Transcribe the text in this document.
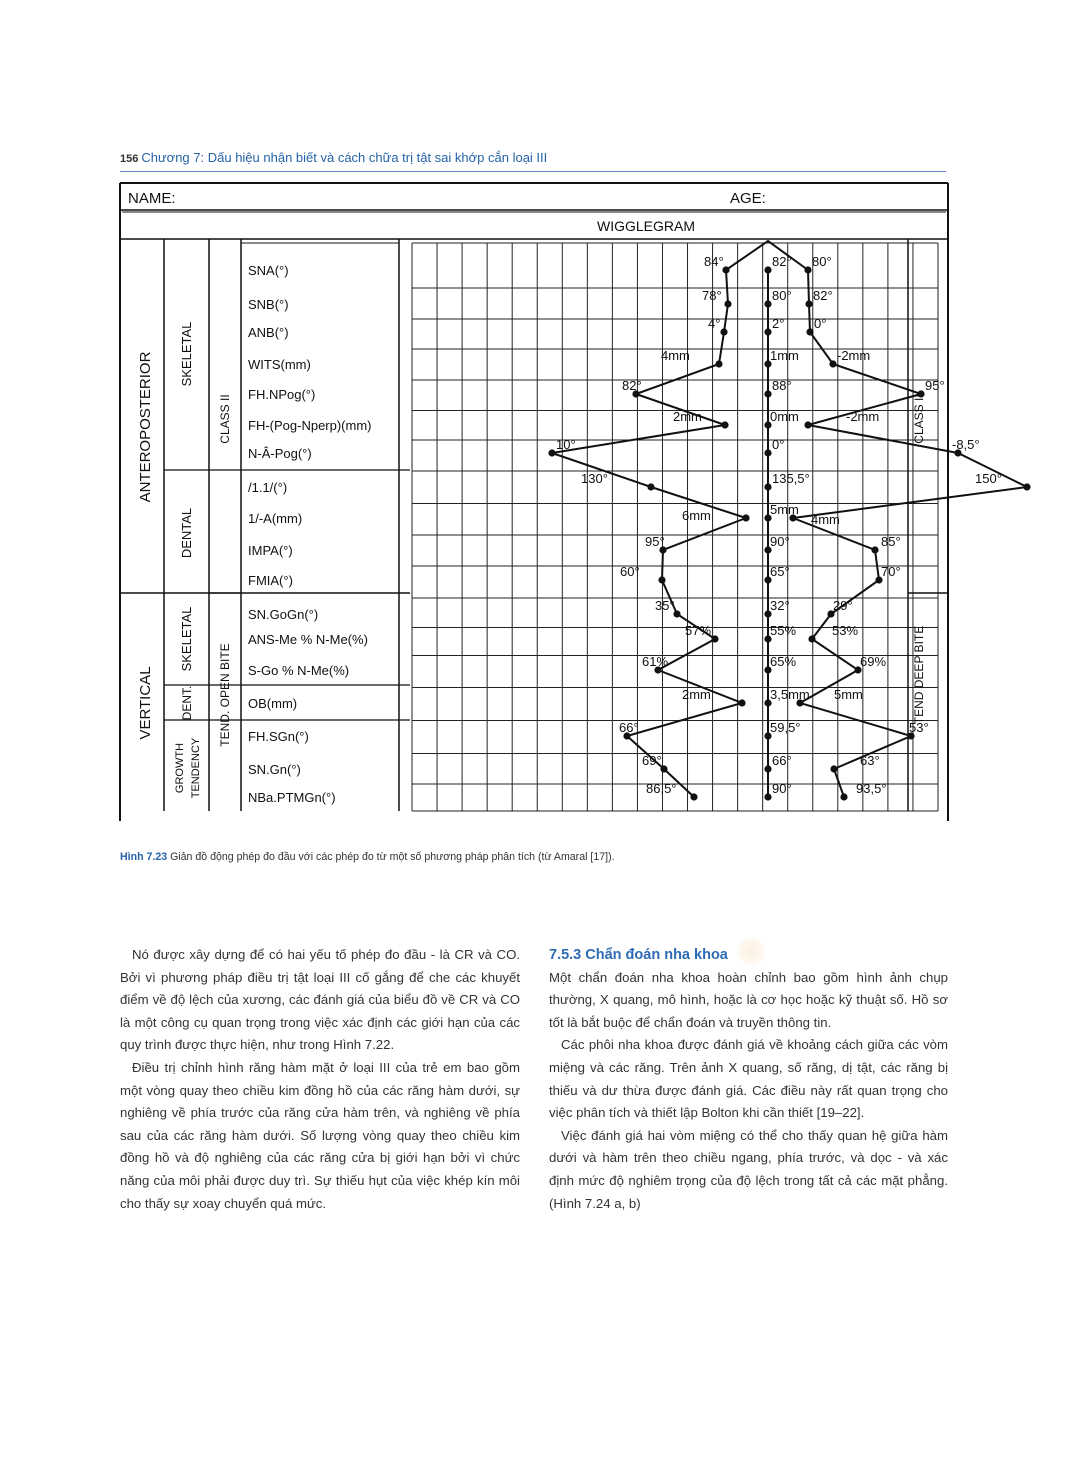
156 Chương 7: Dấu hiệu nhận biết và cách chữa trị tật sai khớp cắn loại III
NAME:	AGE:
WIGGLEGRAM
ANTEROPOSTERIOR
VERTICAL
SKELETAL
DENTAL
SKELETAL
DENT.
GROWTH TENDENCY
CLASS II
TEND. OPEN BITE
CLASS II
TEND DEEP BITE
SNA(°)
SNB(°)
ANB(°)
WITS(mm)
FH.NPog(°)
FH-(Pog-Nperp)(mm)
N-Â-Pog(°)
/1.1/(°)
1/-A(mm)
IMPA(°)
FMIA(°)
SN.GoGn(°)
ANS-Me % N-Me(%)
S-Go % N-Me(%)
OB(mm)
FH.SGn(°)
SN.Gn(°)
NBa.PTMGn(°)
84°
78°
4°
4mm
82°
2mm
10°
130°
6mm
95°
60°
35°
57%
61%
2mm
66°
69°
86,5°
82°
80°
2°
1mm
88°
0mm
0°
135,5°
5mm
90°
65°
32°
55%
65%
3,5mm
59,5°
66°
90°
80°
82°
0°
-2mm
95°
-2mm
-8,5°
150°
4mm
85°
70°
29°
53%
69%
5mm
53°
63°
93,5°
Hình 7.23 Giản đồ động phép đo đầu với các phép đo từ một số phương pháp phân tích (từ Amaral [17]).

Nó được xây dựng để có hai yếu tố phép đo đầu - là CR và CO. Bởi vì phương pháp điều trị tật loại III cố gắng để che các khuyết điểm về độ lệch của xương, các đánh giá của biểu đồ về CR và CO là một công cụ quan trọng trong việc xác định các giới hạn của các quy trình được thực hiện, như trong Hình 7.22.

Điều trị chỉnh hình răng hàm mặt ở loại III của trẻ em bao gồm một vòng quay theo chiều kim đồng hồ của các răng hàm dưới, sự nghiêng về phía trước của răng cửa hàm trên, và nghiêng về phía sau của các răng hàm dưới. Số lượng vòng quay theo chiều kim đồng hồ và độ nghiêng của các răng cửa bị giới hạn bởi vì chức năng của môi phải được duy trì. Sự thiếu hụt của việc khép kín môi cho thấy sự xoay chuyển quá mức.

7.5.3 Chẩn đoán nha khoa

Một chẩn đoán nha khoa hoàn chỉnh bao gồm hình ảnh chụp thường, X quang, mô hình, hoặc là cơ học hoặc kỹ thuật số. Hồ sơ tốt là bắt buộc để chẩn đoán và truyền thông tin.

Các phôi nha khoa được đánh giá về khoảng cách giữa các vòm miệng và các răng. Trên ảnh X quang, số răng, dị tật, các răng bị thiếu và dư thừa được đánh giá. Các điều này rất quan trọng cho việc phân tích và thiết lập Bolton khi cần thiết [19–22].

Việc đánh giá hai vòm miệng có thể cho thấy quan hệ giữa hàm dưới và hàm trên theo chiều ngang, phía trước, và dọc - và xác định mức độ nghiêm trọng của độ lệch trong tất cả các mặt phẳng. (Hình 7.24 a, b)
